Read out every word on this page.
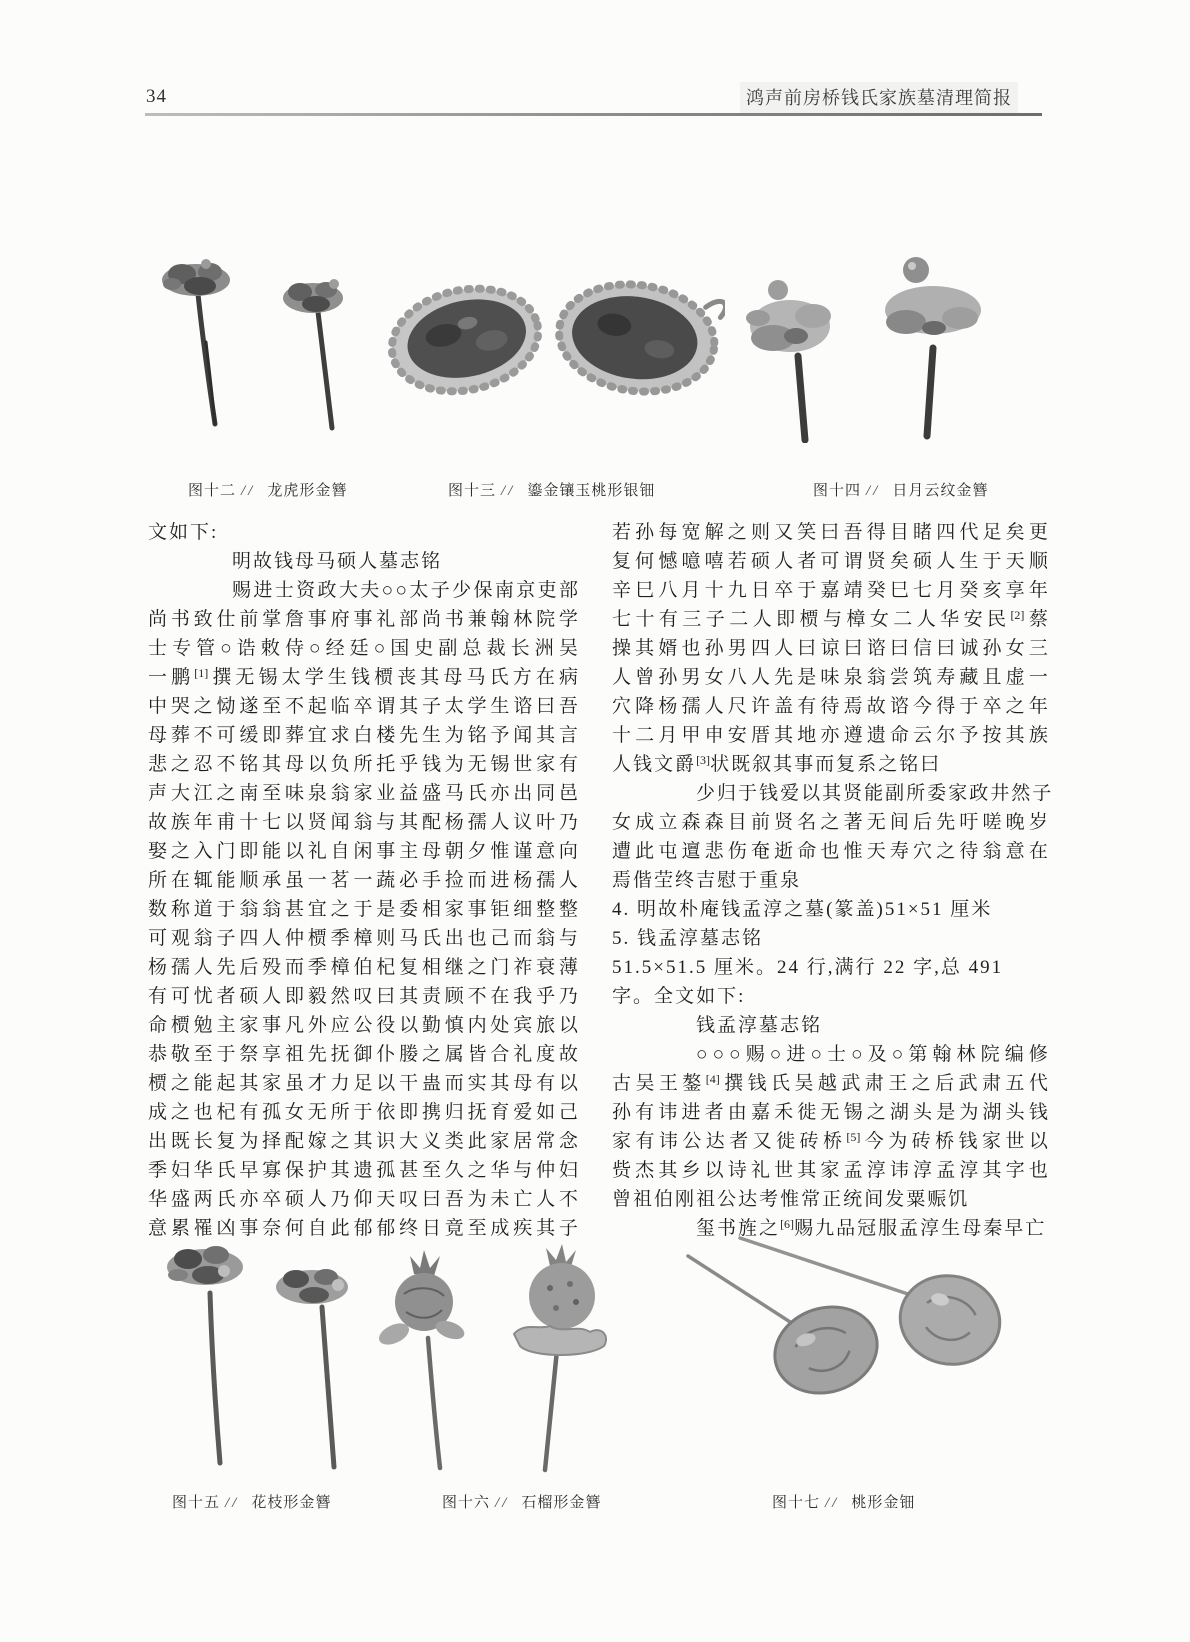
34	鸿声前房桥钱氏家族墓清理简报
图十二 // 龙虎形金簪	图十三 // 鎏金镶玉桃形银钿	图十四 // 日月云纹金簪
文如下:
明故钱母马硕人墓志铭
赐 进 士 资 政 大 夫 ○ ○ 太 子 少 保 南 京 吏 部
尚 书 致 仕 前 掌 詹 事 府 事 礼 部 尚 书 兼 翰 林 院 学
士 专 管 ○ 诰 敕 侍 ○ 经 廷 ○ 国 史 副 总 裁 长 洲 吴
一 鹏 [1] 撰 无 锡 太 学 生 钱 槚 丧 其 母 马 氏 方 在 病
中 哭 之 恸 遂 至 不 起 临 卒 谓 其 子 太 学 生 谘 曰 吾
母 葬 不 可 缓 即 葬 宜 求 白 楼 先 生 为 铭 予 闻 其 言
悲 之 忍 不 铭 其 母 以 负 所 托 乎 钱 为 无 锡 世 家 有
声 大 江 之 南 至 味 泉 翁 家 业 益 盛 马 氏 亦 出 同 邑
故 族 年 甫 十 七 以 贤 闻 翁 与 其 配 杨 孺 人 议 叶 乃
娶 之 入 门 即 能 以 礼 自 闲 事 主 母 朝 夕 惟 谨 意 向
所 在 辄 能 顺 承 虽 一 茗 一 蔬 必 手 捡 而 进 杨 孺 人
数 称 道 于 翁 翁 甚 宜 之 于 是 委 相 家 事 钜 细 整 整
可 观 翁 子 四 人 仲 槚 季 樟 则 马 氏 出 也 己 而 翁 与
杨 孺 人 先 后 殁 而 季 樟 伯 杞 复 相 继 之 门 祚 衰 薄
有 可 忧 者 硕 人 即 毅 然 叹 曰 其 责 顾 不 在 我 乎 乃
命 槚 勉 主 家 事 凡 外 应 公 役 以 勤 慎 内 处 宾 旅 以
恭 敬 至 于 祭 享 祖 先 抚 御 仆 媵 之 属 皆 合 礼 度 故
槚 之 能 起 其 家 虽 才 力 足 以 干 蛊 而 实 其 母 有 以
成 之 也 杞 有 孤 女 无 所 于 依 即 携 归 抚 育 爱 如 己
出 既 长 复 为 择 配 嫁 之 其 识 大 义 类 此 家 居 常 念
季 妇 华 氏 早 寡 保 护 其 遗 孤 甚 至 久 之 华 与 仲 妇
华 盛 两 氏 亦 卒 硕 人 乃 仰 天 叹 曰 吾 为 未 亡 人 不
意 累 罹 凶 事 奈 何 自 此 郁 郁 终 日 竟 至 成 疾 其 子
若 孙 每 宽 解 之 则 又 笑 曰 吾 得 目 睹 四 代 足 矣 更
复 何 憾 噫 嘻 若 硕 人 者 可 谓 贤 矣 硕 人 生 于 天 顺
辛 巳 八 月 十 九 日 卒 于 嘉 靖 癸 巳 七 月 癸 亥 享 年
七 十 有 三 子 二 人 即 槚 与 樟 女 二 人 华 安 民 [2] 蔡
操 其 婿 也 孙 男 四 人 曰 谅 曰 谘 曰 信 曰 诚 孙 女 三
人 曾 孙 男 女 八 人 先 是 味 泉 翁 尝 筑 寿 藏 且 虚 一
穴 降 杨 孺 人 尺 许 盖 有 待 焉 故 谘 今 得 于 卒 之 年
十 二 月 甲 申 安 厝 其 地 亦 遵 遗 命 云 尔 予 按 其 族
人钱文爵[3]状既叙其事而复系之铭曰
少归于钱爱以其贤能副所委家政井然子
女 成 立 森 森 目 前 贤 名 之 著 无 间 后 先 吁 嗟 晚 岁
遭 此 屯 邅 悲 伤 奄 逝 命 也 惟 天 寿 穴 之 待 翁 意 在
焉偕茔终吉慰于重泉
4. 明故朴庵钱孟淳之墓(篆盖)51×51 厘米
5. 钱孟淳墓志铭
51.5×51.5 厘米。24 行,满行 22 字,总 491
字。全文如下:
钱孟淳墓志铭
○ ○ ○ 赐 ○ 进 ○ 士 ○ 及 ○ 第 翰 林 院 编 修
古 吴 王 鏊 [4] 撰 钱 氏 吴 越 武 肃 王 之 后 武 肃 五 代
孙 有 讳 进 者 由 嘉 禾 徙 无 锡 之 湖 头 是 为 湖 头 钱
家 有 讳 公 达 者 又 徙 砖 桥 [5] 今 为 砖 桥 钱 家 世 以
赀 杰 其 乡 以 诗 礼 世 其 家 孟 淳 讳 淳 孟 淳 其 字 也
曾祖伯刚祖公达考惟常正统间发粟赈饥
玺书旌之[6]赐九品冠服孟淳生母秦早亡
图十五 // 花枝形金簪	图十六 // 石榴形金簪	图十七 // 桃形金钿
